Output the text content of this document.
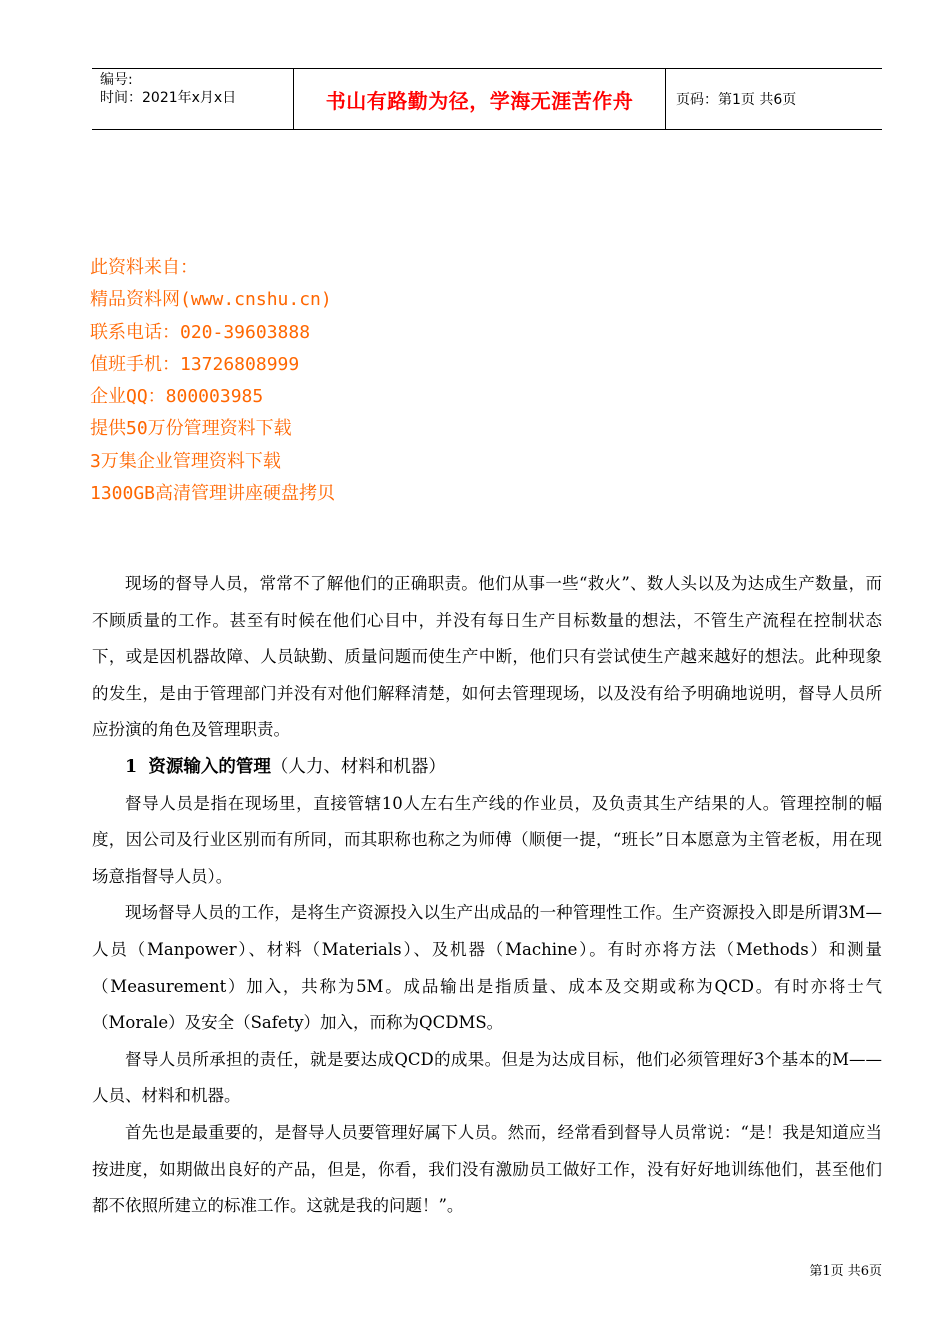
编号:
时间：2021年x月x日	书山有路勤为径，学海无涯苦作舟	页码：第1页 共6页
此资料来自：
精品资料网(www.cnshu.cn)
联系电话：020-39603888
值班手机：13726808999
企业QQ：800003985
提供50万份管理资料下载
3万集企业管理资料下载
1300GB高清管理讲座硬盘拷贝

现场的督导人员，常常不了解他们的正确职责。他们从事一些“救火”、数人头以及为达成生产数量，而不顾质量的工作。甚至有时候在他们心目中，并没有每日生产目标数量的想法，不管生产流程在控制状态下，或是因机器故障、人员缺勤、质量问题而使生产中断，他们只有尝试使生产越来越好的想法。此种现象的发生，是由于管理部门并没有对他们解释清楚，如何去管理现场，以及没有给予明确地说明，督导人员所应扮演的角色及管理职责。

1 资源输入的管理（人力、材料和机器）

督导人员是指在现场里，直接管辖10人左右生产线的作业员，及负责其生产结果的人。管理控制的幅度，因公司及行业区别而有所同，而其职称也称之为师傅（顺便一提，“班长”日本愿意为主管老板，用在现场意指督导人员）。

现场督导人员的工作，是将生产资源投入以生产出成品的一种管理性工作。生产资源投入即是所谓3M—人员（Manpower）、材料（Materials）、及机器（Machine）。有时亦将方法（Methods）和测量（Measurement）加入，共称为5M。成品输出是指质量、成本及交期或称为QCD。有时亦将士气（Morale）及安全（Safety）加入，而称为QCDMS。

督导人员所承担的责任，就是要达成QCD的成果。但是为达成目标，他们必须管理好3个基本的M——人员、材料和机器。

首先也是最重要的，是督导人员要管理好属下人员。然而，经常看到督导人员常说：“是！我是知道应当按进度，如期做出良好的产品，但是，你看，我们没有激励员工做好工作，没有好好地训练他们，甚至他们都不依照所建立的标准工作。这就是我的问题！”。

第1页 共6页
